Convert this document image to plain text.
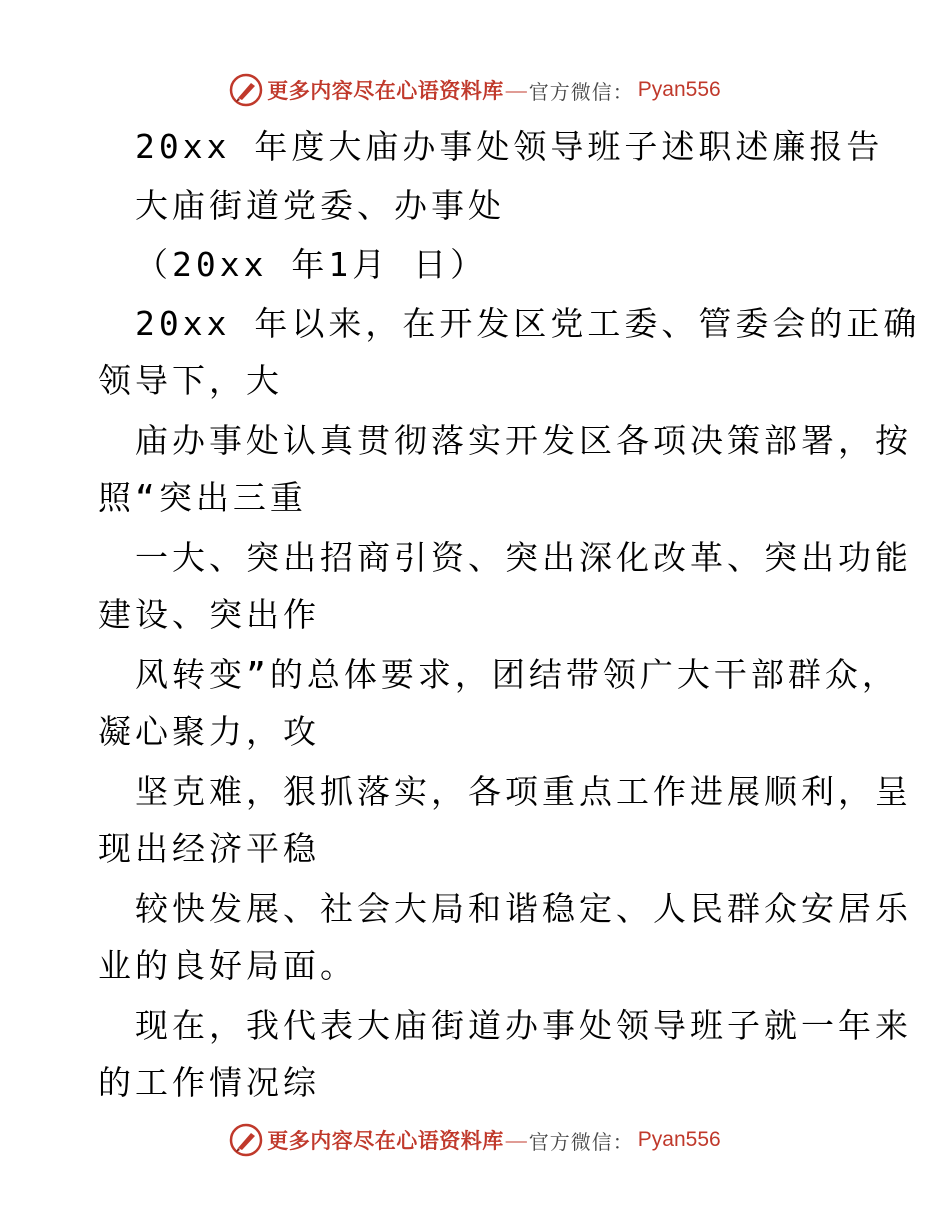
更多内容尽在心语资料库 — 官方微信： Pyan556
20xx 年度大庙办事处领导班子述职述廉报告
大庙街道党委、办事处
（20xx 年1月 日）
20xx 年以来，在开发区党工委、管委会的正确
领导下，大
庙办事处认真贯彻落实开发区各项决策部署，按
照“突出三重
一大、突出招商引资、突出深化改革、突出功能
建设、突出作
风转变”的总体要求，团结带领广大干部群众，
凝心聚力，攻
坚克难，狠抓落实，各项重点工作进展顺利，呈
现出经济平稳
较快发展、社会大局和谐稳定、人民群众安居乐
业的良好局面。
现在，我代表大庙街道办事处领导班子就一年来
的工作情况综
更多内容尽在心语资料库 — 官方微信： Pyan556
